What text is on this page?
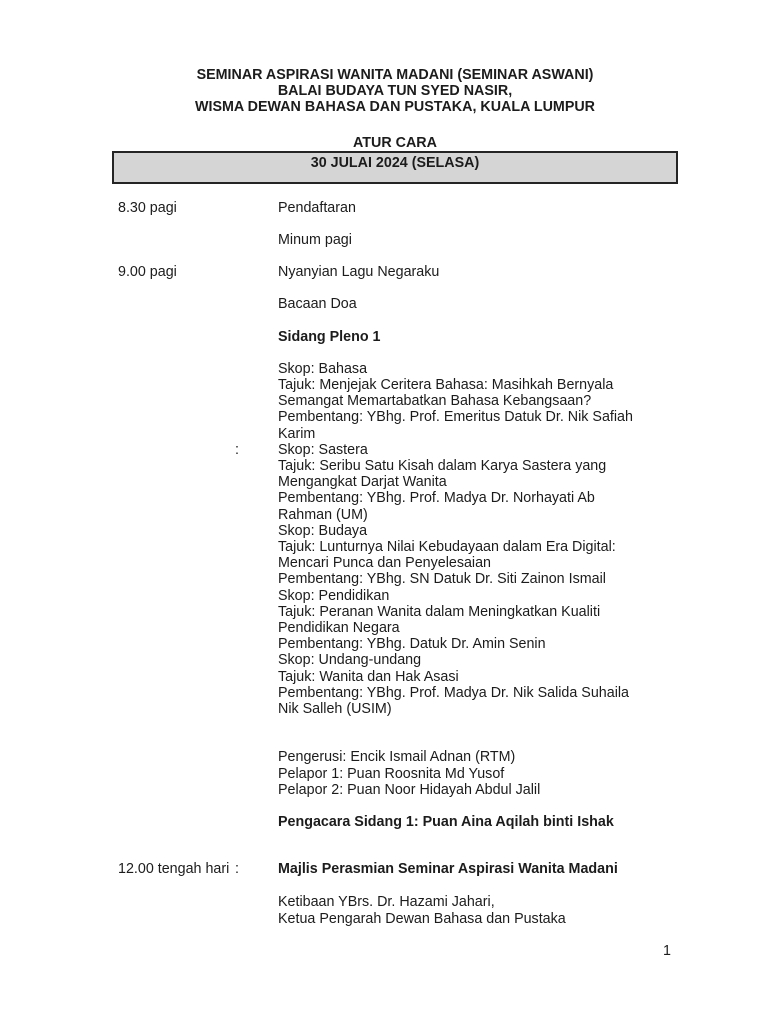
SEMINAR ASPIRASI WANITA MADANI (SEMINAR ASWANI)
BALAI BUDAYA TUN SYED NASIR,
WISMA DEWAN BAHASA DAN PUSTAKA, KUALA LUMPUR
ATUR CARA
30 JULAI 2024 (SELASA)
8.30 pagi	Pendaftaran
Minum pagi
9.00 pagi	Nyanyian Lagu Negaraku
Bacaan Doa
Sidang Pleno 1
:
Skop: Bahasa
Tajuk: Menjejak Ceritera Bahasa: Masihkah Bernyala
Semangat Memartabatkan Bahasa Kebangsaan?
Pembentang: YBhg. Prof. Emeritus Datuk Dr. Nik Safiah
Karim
Skop: Sastera
Tajuk: Seribu Satu Kisah dalam Karya Sastera yang
Mengangkat Darjat Wanita
Pembentang: YBhg. Prof. Madya Dr. Norhayati Ab
Rahman (UM)
Skop: Budaya
Tajuk: Lunturnya Nilai Kebudayaan dalam Era Digital:
Mencari Punca dan Penyelesaian
Pembentang: YBhg. SN Datuk Dr. Siti Zainon Ismail
Skop: Pendidikan
Tajuk: Peranan Wanita dalam Meningkatkan Kualiti
Pendidikan Negara
Pembentang: YBhg. Datuk Dr. Amin Senin
Skop: Undang-undang
Tajuk: Wanita dan Hak Asasi
Pembentang: YBhg. Prof. Madya Dr. Nik Salida Suhaila
Nik Salleh (USIM)
Pengerusi: Encik Ismail Adnan (RTM)
Pelapor 1: Puan Roosnita Md Yusof
Pelapor 2: Puan Noor Hidayah Abdul Jalil
Pengacara Sidang 1: Puan Aina Aqilah binti Ishak
12.00 tengah hari :	Majlis Perasmian Seminar Aspirasi Wanita Madani
Ketibaan YBrs. Dr. Hazami Jahari,
Ketua Pengarah Dewan Bahasa dan Pustaka
1
